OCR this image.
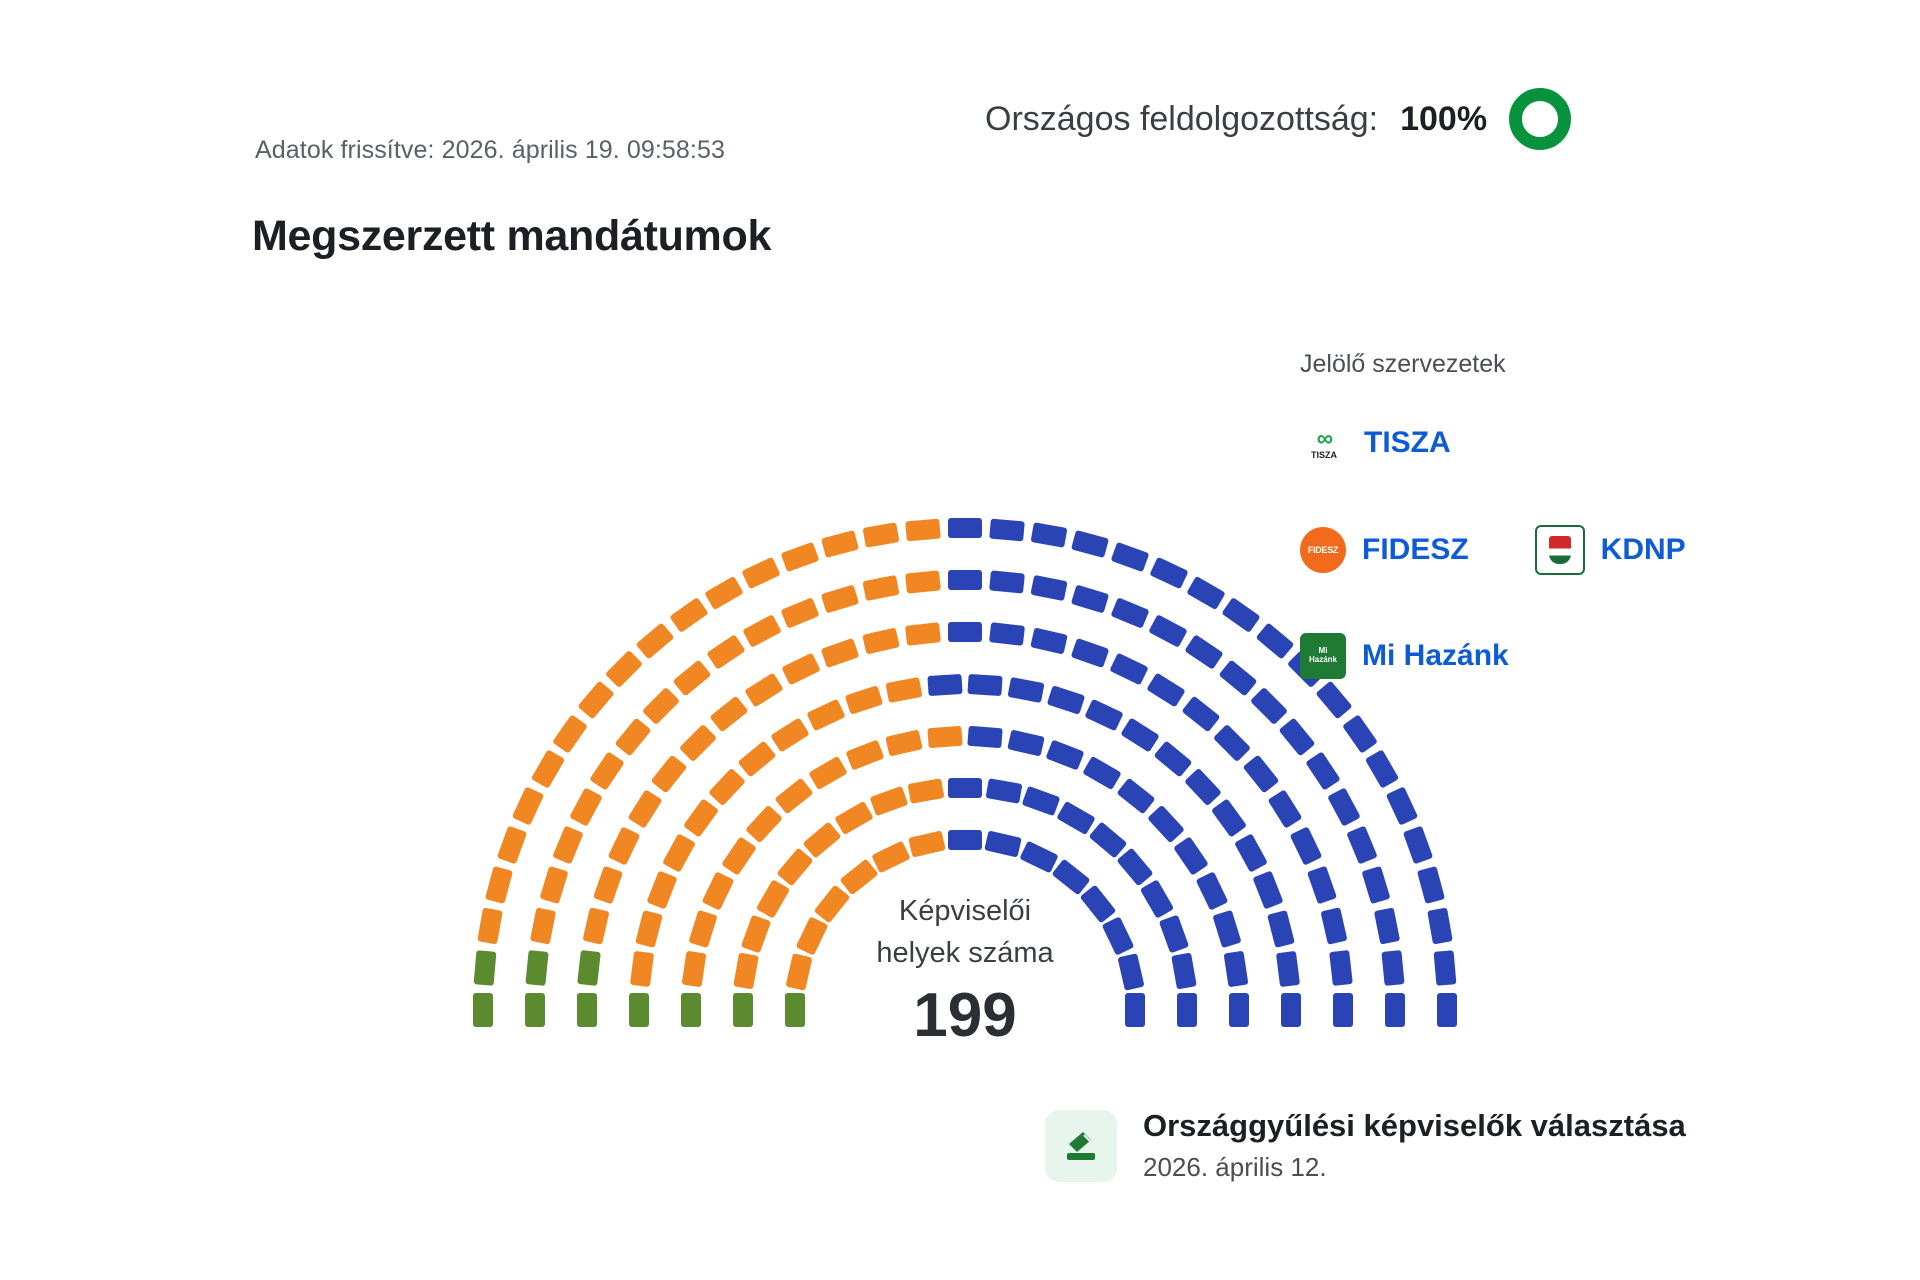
Adatok frissítve: 2026. április 19. 09:58:53
Országos feldolgozottság: 100%
Megszerzett mandátumok
Képviselői
helyek száma
199
Jelölő szervezetek
∞
TISZA TISZA
FIDESZ FIDESZ	KDNP
Mi
Hazánk Mi Hazánk
Országgyűlési képviselők választása
2026. április 12.
